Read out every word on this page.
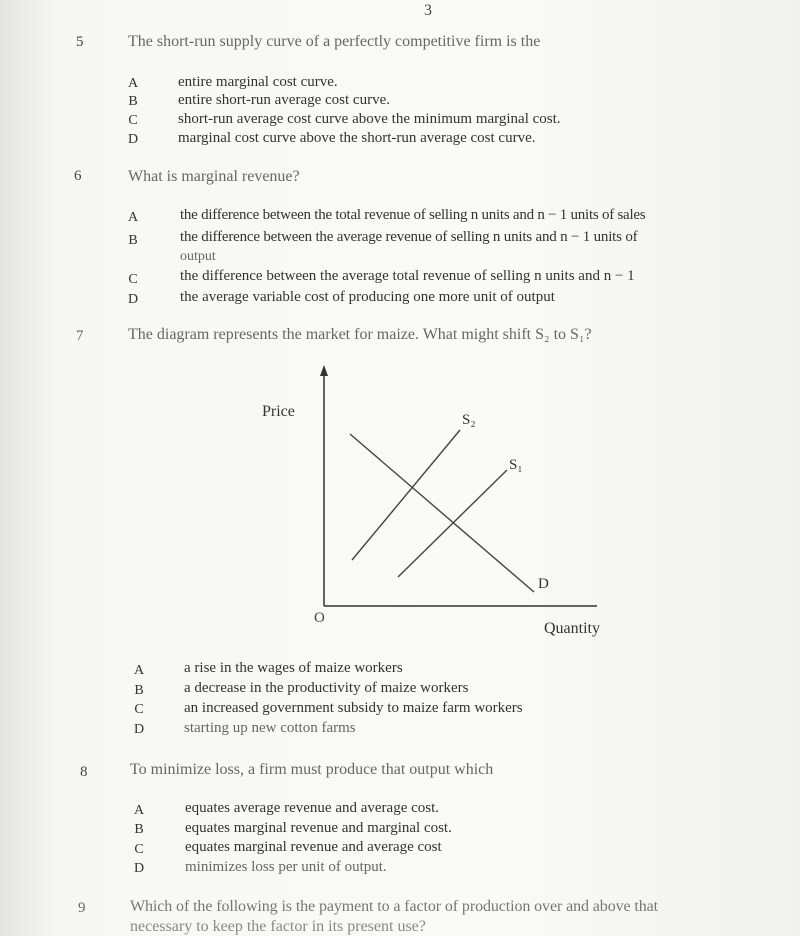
3
5	The short-run supply curve of a perfectly competitive firm is the
A	entire marginal cost curve.
B	entire short-run average cost curve.
C	short-run average cost curve above the minimum marginal cost.
D	marginal cost curve above the short-run average cost curve.
6	What is marginal revenue?
A	the difference between the total revenue of selling n units and n − 1 units of sales
B	the difference between the average revenue of selling n units and n − 1 units of
output
C	the difference between the average total revenue of selling n units and n − 1
D	the average variable cost of producing one more unit of output
7	The diagram represents the market for maize. What might shift S₂ to S₁?
Price
Quantity
O
S₂
S₁
D
A	a rise in the wages of maize workers
B	a decrease in the productivity of maize workers
C	an increased government subsidy to maize farm workers
D	starting up new cotton farms
8	To minimize loss, a firm must produce that output which
A	equates average revenue and average cost.
B	equates marginal revenue and marginal cost.
C	equates marginal revenue and average cost
D	minimizes loss per unit of output.
9	Which of the following is the payment to a factor of production over and above that
necessary to keep the factor in its present use?
